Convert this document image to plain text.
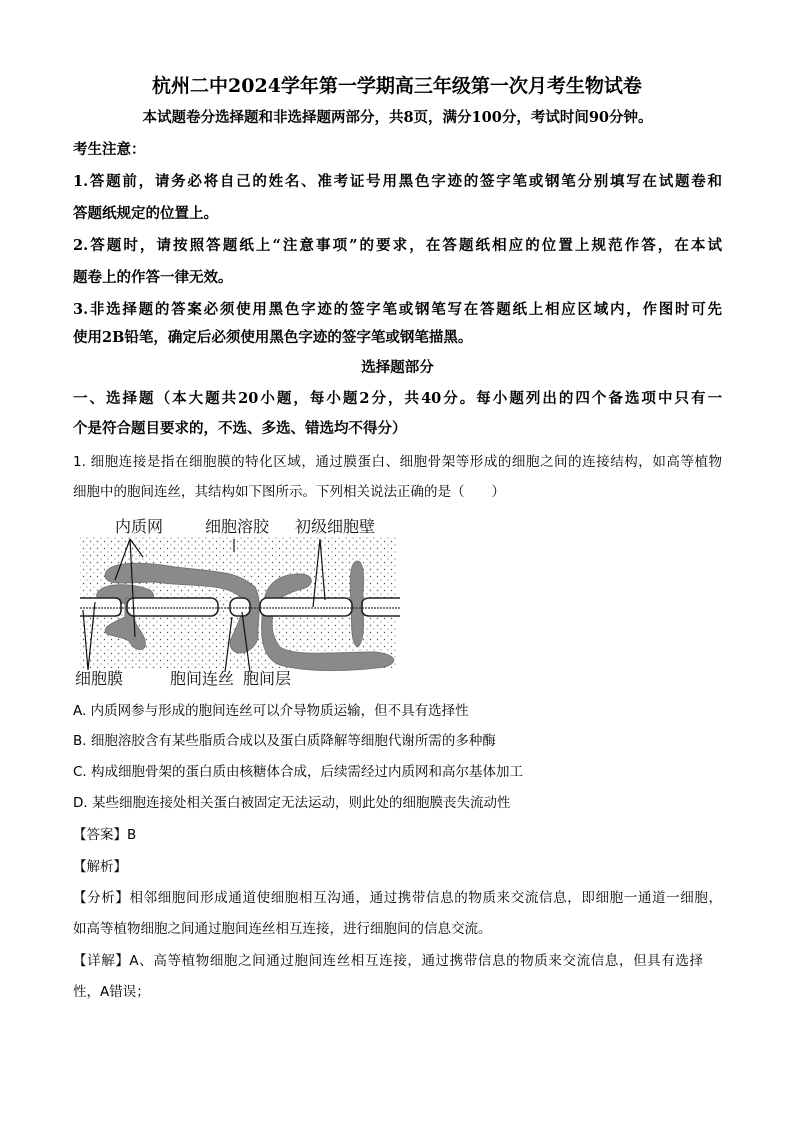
杭州二中2024学年第一学期高三年级第一次月考生物试卷
本试题卷分选择题和非选择题两部分，共8页，满分100分，考试时间90分钟。
考生注意：
1.答题前，请务必将自己的姓名、准考证号用黑色字迹的签字笔或钢笔分别填写在试题卷和
答题纸规定的位置上。
2.答题时，请按照答题纸上“注意事项”的要求，在答题纸相应的位置上规范作答，在本试
题卷上的作答一律无效。
3.非选择题的答案必须使用黑色字迹的签字笔或钢笔写在答题纸上相应区域内，作图时可先
使用2B铅笔，确定后必须使用黑色字迹的签字笔或钢笔描黑。
选择题部分
一、选择题（本大题共20小题，每小题2分，共40分。每小题列出的四个备选项中只有一
个是符合题目要求的，不选、多选、错选均不得分）
1. 细胞连接是指在细胞膜的特化区域，通过膜蛋白、细胞骨架等形成的细胞之间的连接结构，如高等植物
细胞中的胞间连丝，其结构如下图所示。下列相关说法正确的是（　　）
内质网	细胞溶胶 初级细胞壁
细胞膜	胞间连丝 胞间层
A. 内质网参与形成的胞间连丝可以介导物质运输，但不具有选择性
B. 细胞溶胶含有某些脂质合成以及蛋白质降解等细胞代谢所需的多种酶
C. 构成细胞骨架的蛋白质由核糖体合成，后续需经过内质网和高尔基体加工
D. 某些细胞连接处相关蛋白被固定无法运动，则此处的细胞膜丧失流动性
【答案】B
【解析】
【分析】相邻细胞间形成通道使细胞相互沟通，通过携带信息的物质来交流信息，即细胞一通道一细胞，
如高等植物细胞之间通过胞间连丝相互连接，进行细胞间的信息交流。
【详解】A、高等植物细胞之间通过胞间连丝相互连接，通过携带信息的物质来交流信息，但具有选择
性，A错误；
